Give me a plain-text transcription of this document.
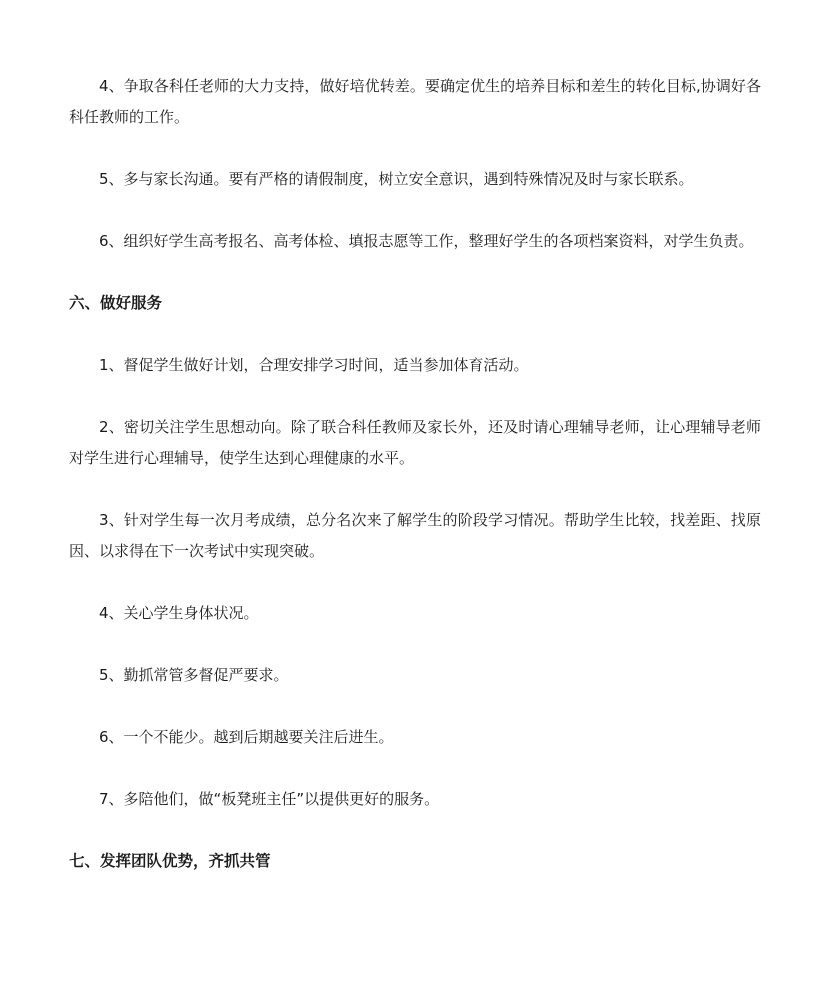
4、争取各科任老师的大力支持，做好培优转差。要确定优生的培养目标和差生的转化目标,协调好各科任教师的工作。

5、多与家长沟通。要有严格的请假制度，树立安全意识，遇到特殊情况及时与家长联系。

6、组织好学生高考报名、高考体检、填报志愿等工作，整理好学生的各项档案资料，对学生负责。

六、做好服务

1、督促学生做好计划，合理安排学习时间，适当参加体育活动。

2、密切关注学生思想动向。除了联合科任教师及家长外，还及时请心理辅导老师，让心理辅导老师对学生进行心理辅导，使学生达到心理健康的水平。

3、针对学生每一次月考成绩，总分名次来了解学生的阶段学习情况。帮助学生比较，找差距、找原因、以求得在下一次考试中实现突破。

4、关心学生身体状况。

5、勤抓常管多督促严要求。

6、一个不能少。越到后期越要关注后进生。

7、多陪他们，做“板凳班主任”以提供更好的服务。

七、发挥团队优势，齐抓共管
